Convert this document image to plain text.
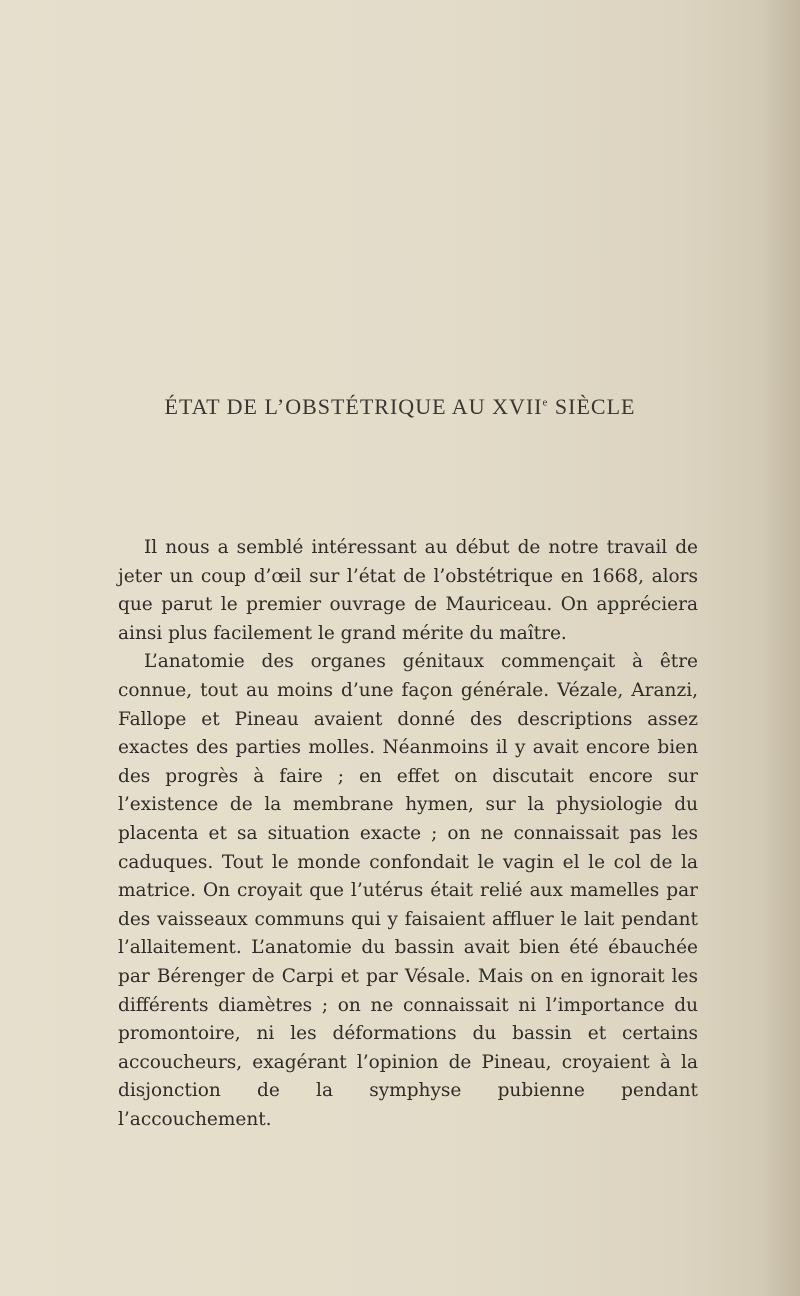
ÉTAT DE L’OBSTÉTRIQUE AU XVIIe SIÈCLE

Il nous a semblé intéressant au début de notre travail de jeter un coup d’œil sur l’état de l’obstétrique en 1668, alors que parut le premier ouvrage de Mauriceau. On appréciera ainsi plus facilement le grand mérite du maître.

L’anatomie des organes génitaux commençait à être connue, tout au moins d’une façon générale. Vézale, Aranzi, Fallope et Pineau avaient donné des descriptions assez exactes des parties molles. Néanmoins il y avait encore bien des progrès à faire ; en effet on discutait encore sur l’existence de la membrane hymen, sur la physiologie du placenta et sa situation exacte ; on ne connaissait pas les caduques. Tout le monde confondait le vagin el le col de la matrice. On croyait que l’utérus était relié aux mamelles par des vaisseaux communs qui y faisaient affluer le lait pendant l’allaitement. L’anatomie du bassin avait bien été ébauchée par Bérenger de Carpi et par Vésale. Mais on en ignorait les différents diamètres ; on ne connaissait ni l’importance du promontoire, ni les déformations du bassin et certains accoucheurs, exagérant l’opinion de Pineau, croyaient à la disjonction de la symphyse pubienne pendant l’accouchement.
